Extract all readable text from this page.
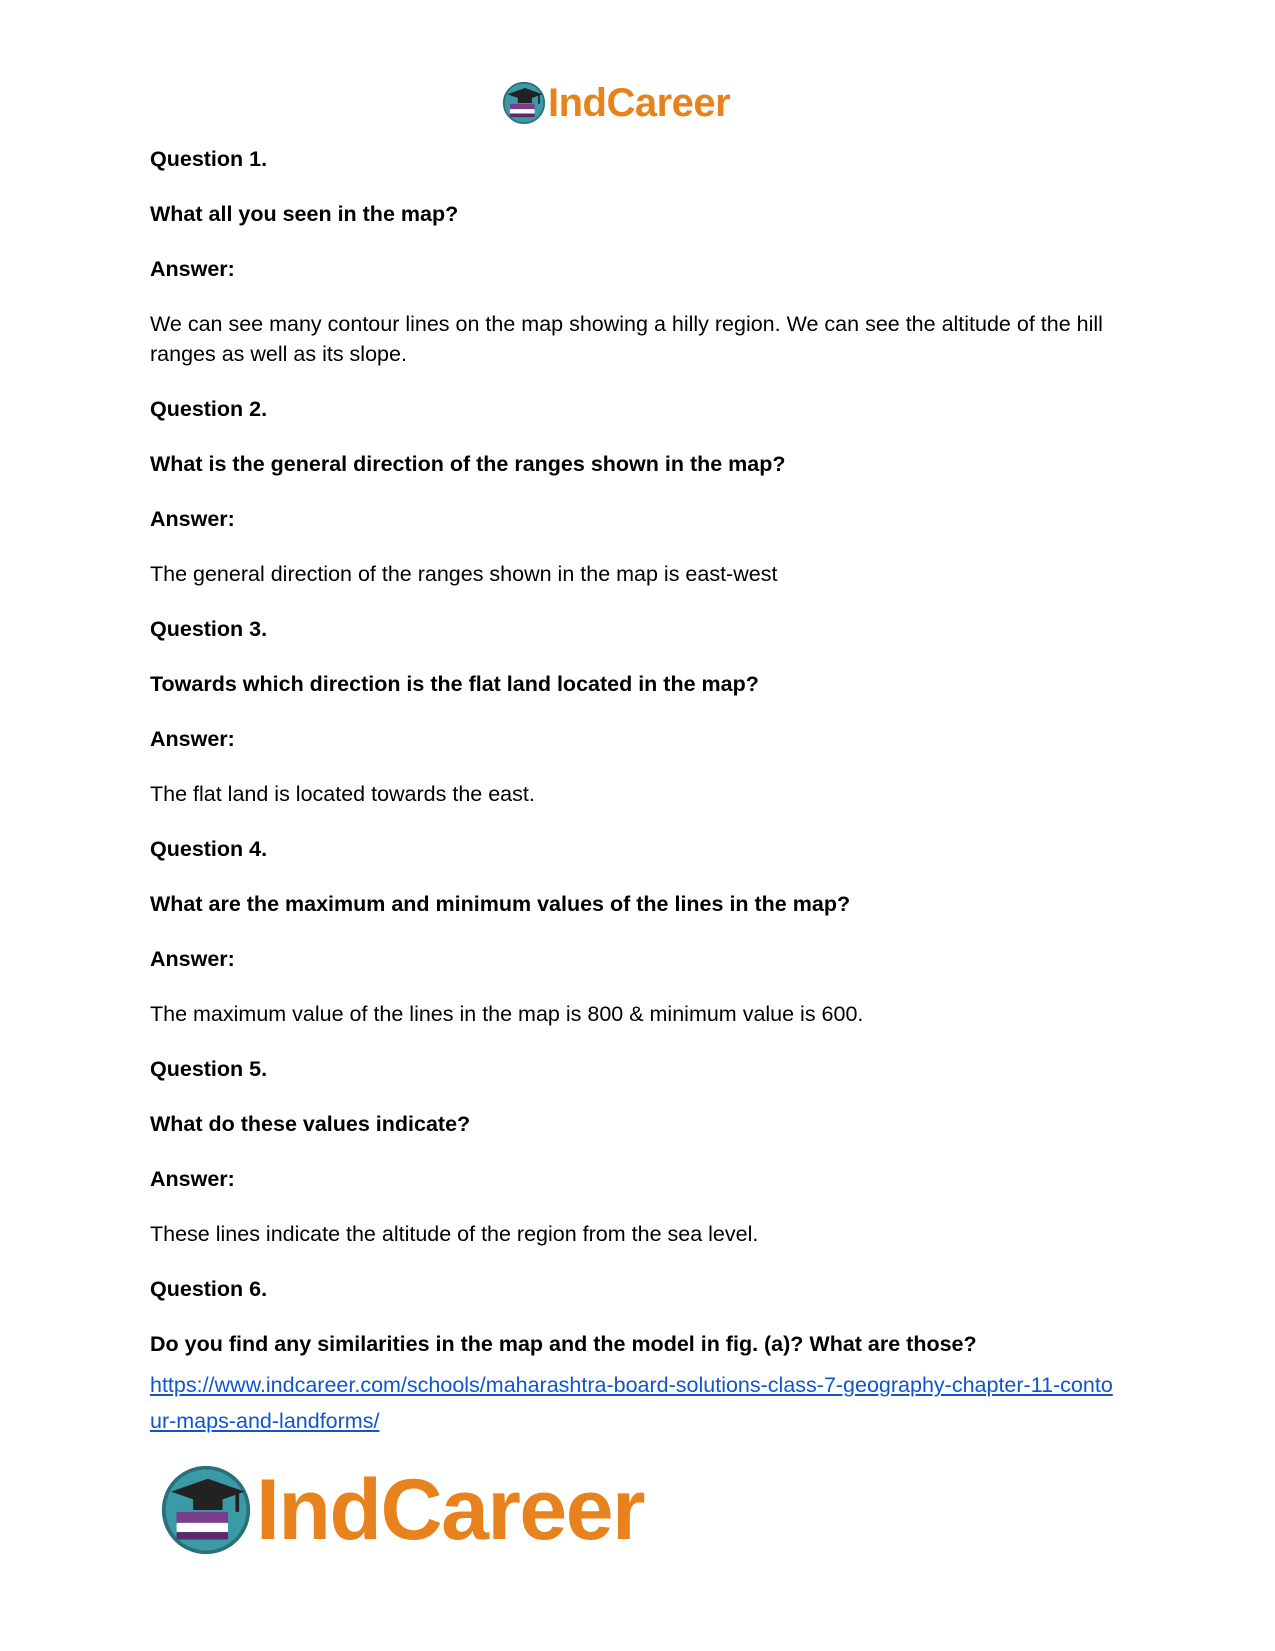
IndCareer

Question 1.

What all you seen in the map?

Answer:

We can see many contour lines on the map showing a hilly region. We can see the altitude of the hill ranges as well as its slope.

Question 2.

What is the general direction of the ranges shown in the map?

Answer:

The general direction of the ranges shown in the map is east-west

Question 3.

Towards which direction is the flat land located in the map?

Answer:

The flat land is located towards the east.

Question 4.

What are the maximum and minimum values of the lines in the map?

Answer:

The maximum value of the lines in the map is 800 & minimum value is 600.

Question 5.

What do these values indicate?

Answer:

These lines indicate the altitude of the region from the sea level.

Question 6.

Do you find any similarities in the map and the model in fig. (a)? What are those?

https://www.indcareer.com/schools/maharashtra-board-solutions-class-7-geography-chapter-11-contour-maps-and-landforms/
IndCareer
